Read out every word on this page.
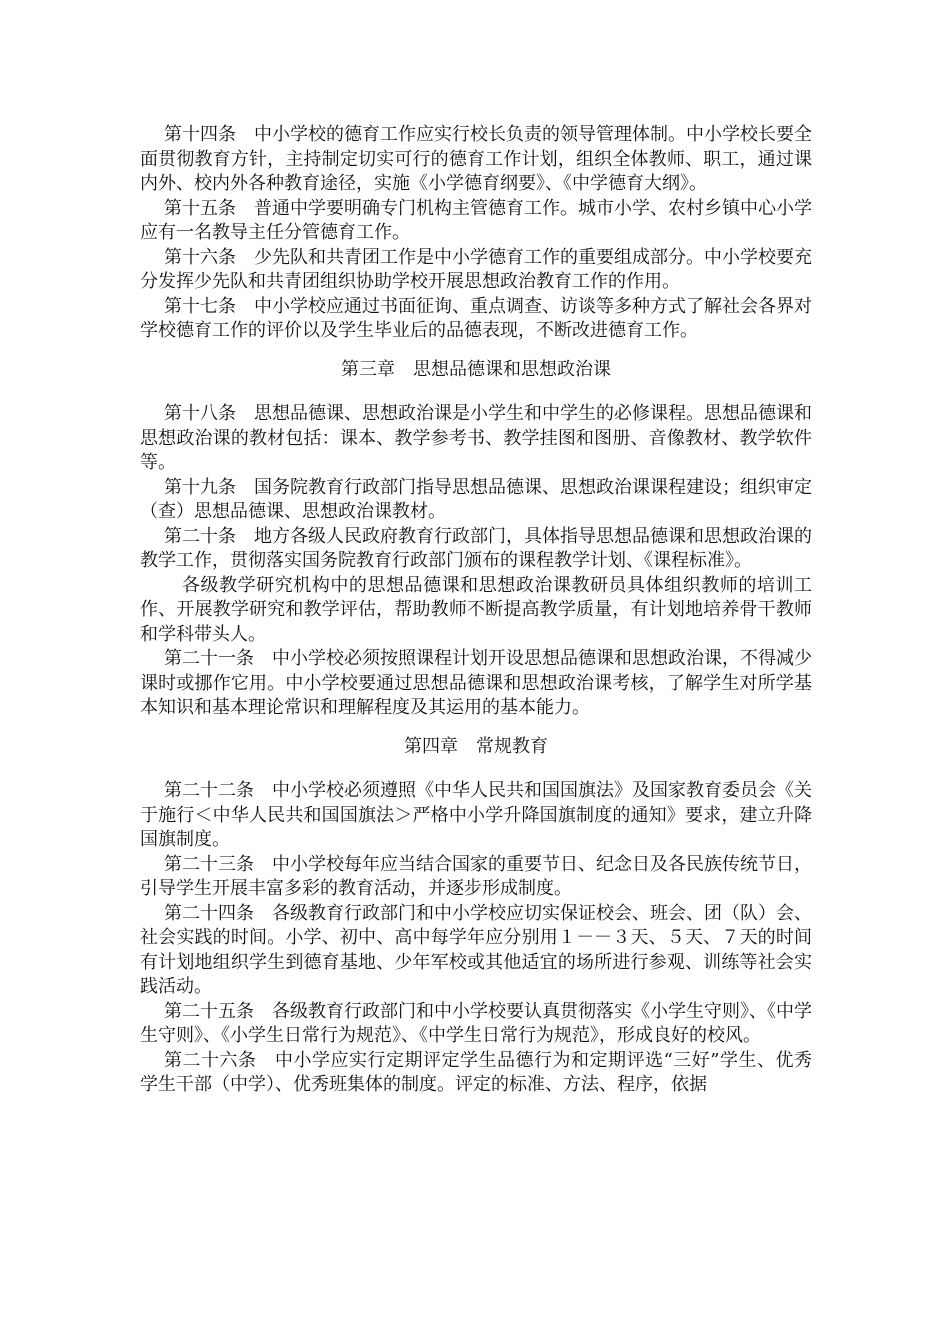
第十四条　中小学校的德育工作应实行校长负责的领导管理体制。中小学校长要全面贯彻教育方针，主持制定切实可行的德育工作计划，组织全体教师、职工，通过课内外、校内外各种教育途径，实施《小学德育纲要》、《中学德育大纲》。

第十五条　普通中学要明确专门机构主管德育工作。城市小学、农村乡镇中心小学应有一名教导主任分管德育工作。

第十六条　少先队和共青团工作是中小学德育工作的重要组成部分。中小学校要充分发挥少先队和共青团组织协助学校开展思想政治教育工作的作用。

第十七条　中小学校应通过书面征询、重点调查、访谈等多种方式了解社会各界对学校德育工作的评价以及学生毕业后的品德表现，不断改进德育工作。

第三章　思想品德课和思想政治课

第十八条　思想品德课、思想政治课是小学生和中学生的必修课程。思想品德课和思想政治课的教材包括：课本、教学参考书、教学挂图和图册、音像教材、教学软件等。

第十九条　国务院教育行政部门指导思想品德课、思想政治课课程建设；组织审定（查）思想品德课、思想政治课教材。

第二十条　地方各级人民政府教育行政部门，具体指导思想品德课和思想政治课的教学工作，贯彻落实国务院教育行政部门颁布的课程教学计划、《课程标准》。

各级教学研究机构中的思想品德课和思想政治课教研员具体组织教师的培训工作、开展教学研究和教学评估，帮助教师不断提高教学质量，有计划地培养骨干教师和学科带头人。

第二十一条　中小学校必须按照课程计划开设思想品德课和思想政治课，不得减少课时或挪作它用。中小学校要通过思想品德课和思想政治课考核，了解学生对所学基本知识和基本理论常识和理解程度及其运用的基本能力。

第四章　常规教育

第二十二条　中小学校必须遵照《中华人民共和国国旗法》及国家教育委员会《关于施行＜中华人民共和国国旗法＞严格中小学升降国旗制度的通知》要求，建立升降国旗制度。

第二十三条　中小学校每年应当结合国家的重要节日、纪念日及各民族传统节日，引导学生开展丰富多彩的教育活动，并逐步形成制度。

第二十四条　各级教育行政部门和中小学校应切实保证校会、班会、团（队）会、社会实践的时间。小学、初中、高中每学年应分别用１－－３天、５天、７天的时间有计划地组织学生到德育基地、少年军校或其他适宜的场所进行参观、训练等社会实践活动。

第二十五条　各级教育行政部门和中小学校要认真贯彻落实《小学生守则》、《中学生守则》、《小学生日常行为规范》、《中学生日常行为规范》，形成良好的校风。

第二十六条　中小学应实行定期评定学生品德行为和定期评选“三好”学生、优秀学生干部（中学）、优秀班集体的制度。评定的标准、方法、程序，依据
